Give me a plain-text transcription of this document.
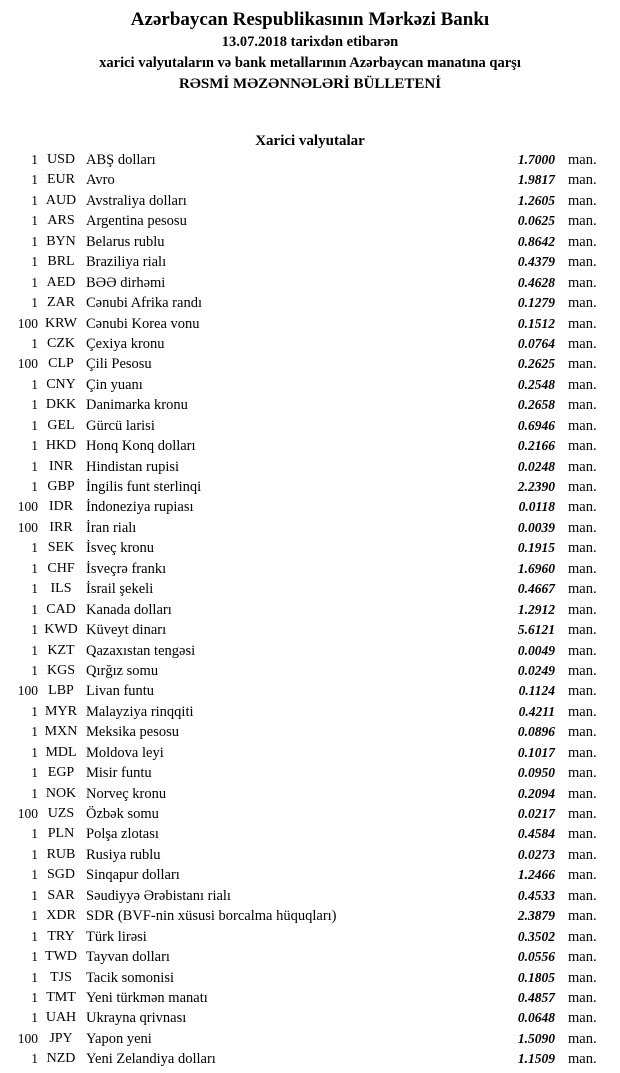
Azərbaycan Respublikasının Mərkəzi Bankı
13.07.2018 tarixdən etibarən
xarici valyutaların və bank metallarının Azərbaycan manatına qarşı
RƏSMİ MƏZƏNNƏLƏRİ BÜLLETENİ
Xarici valyutalar
1 USD ABŞ dolları	1.7000 man.
1 EUR Avro	1.9817 man.
1 AUD Avstraliya dolları	1.2605 man.
1 ARS Argentina pesosu	0.0625 man.
1 BYN Belarus rublu	0.8642 man.
1 BRL Braziliya rialı	0.4379 man.
1 AED BƏƏ dirhəmi	0.4628 man.
1 ZAR Cənubi Afrika randı	0.1279 man.
100 KRW Cənubi Korea vonu	0.1512 man.
1 CZK Çexiya kronu	0.0764 man.
100 CLP Çili Pesosu	0.2625 man.
1 CNY Çin yuanı	0.2548 man.
1 DKK Danimarka kronu	0.2658 man.
1 GEL Gürcü larisi	0.6946 man.
1 HKD Honq Konq dolları	0.2166 man.
1 INR Hindistan rupisi	0.0248 man.
1 GBP İngilis funt sterlinqi	2.2390 man.
100 IDR İndoneziya rupiası	0.0118 man.
100 IRR İran rialı	0.0039 man.
1 SEK İsveç kronu	0.1915 man.
1 CHF İsveçrə frankı	1.6960 man.
1 ILS	İsrail şekeli	0.4667 man.
1 CAD Kanada dolları	1.2912 man.
1 KWD Küveyt dinarı	5.6121 man.
1 KZT Qazaxıstan tengəsi	0.0049 man.
1 KGS Qırğız somu	0.0249 man.
100 LBP Livan funtu	0.1124 man.
1 MYR Malayziya rinqqiti	0.4211 man.
1 MXN Meksika pesosu	0.0896 man.
1 MDL Moldova leyi	0.1017 man.
1 EGP Misir funtu	0.0950 man.
1 NOK Norveç kronu	0.2094 man.
100 UZS Özbək somu	0.0217 man.
1 PLN Polşa zlotası	0.4584 man.
1 RUB Rusiya rublu	0.0273 man.
1 SGD Sinqapur dolları	1.2466 man.
1 SAR Səudiyyə Ərəbistanı rialı	0.4533 man.
1 XDR SDR (BVF-nin xüsusi borcalma hüquqları)	2.3879 man.
1 TRY Türk lirəsi	0.3502 man.
1 TWD Tayvan dolları	0.0556 man.
1 TJS Tacik somonisi	0.1805 man.
1 TMT Yeni türkmən manatı	0.4857 man.
1 UAH Ukrayna qrivnası	0.0648 man.
100 JPY Yapon yeni	1.5090 man.
1 NZD Yeni Zelandiya dolları	1.1509 man.
